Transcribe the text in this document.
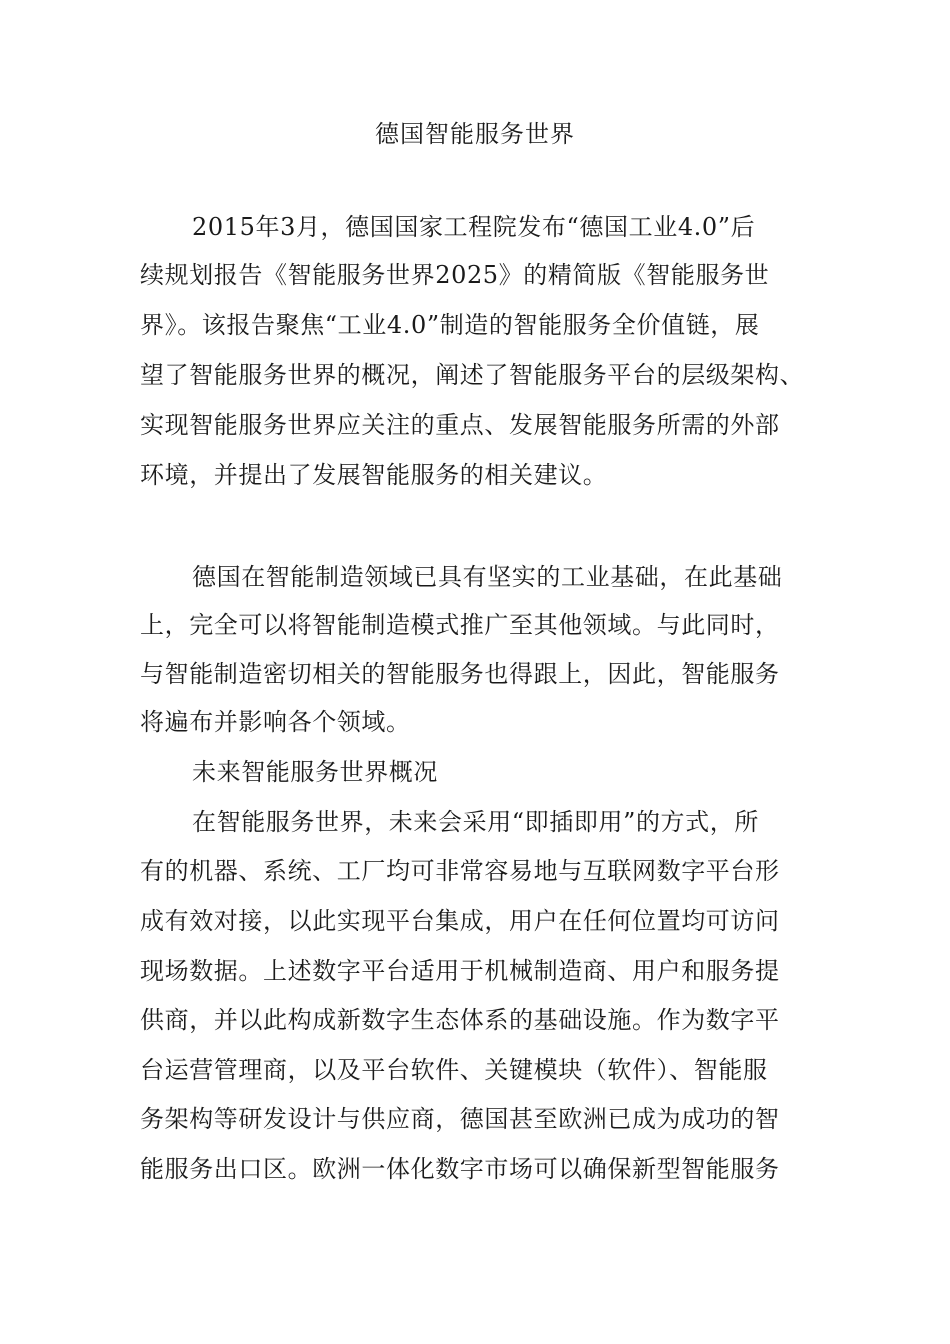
德国智能服务世界
2015年3月，德国国家工程院发布“德国工业4.0”后
续规划报告《智能服务世界2025》的精简版《智能服务世
界》。该报告聚焦“工业4.0”制造的智能服务全价值链，展
望了智能服务世界的概况，阐述了智能服务平台的层级架构、
实现智能服务世界应关注的重点、发展智能服务所需的外部
环境，并提出了发展智能服务的相关建议。
德国在智能制造领域已具有坚实的工业基础，在此基础
上，完全可以将智能制造模式推广至其他领域。与此同时，
与智能制造密切相关的智能服务也得跟上，因此，智能服务
将遍布并影响各个领域。
未来智能服务世界概况
在智能服务世界，未来会采用“即插即用”的方式，所
有的机器、系统、工厂均可非常容易地与互联网数字平台形
成有效对接，以此实现平台集成，用户在任何位置均可访问
现场数据。上述数字平台适用于机械制造商、用户和服务提
供商，并以此构成新数字生态体系的基础设施。作为数字平
台运营管理商，以及平台软件、关键模块（软件）、智能服
务架构等研发设计与供应商，德国甚至欧洲已成为成功的智
能服务出口区。欧洲一体化数字市场可以确保新型智能服务
